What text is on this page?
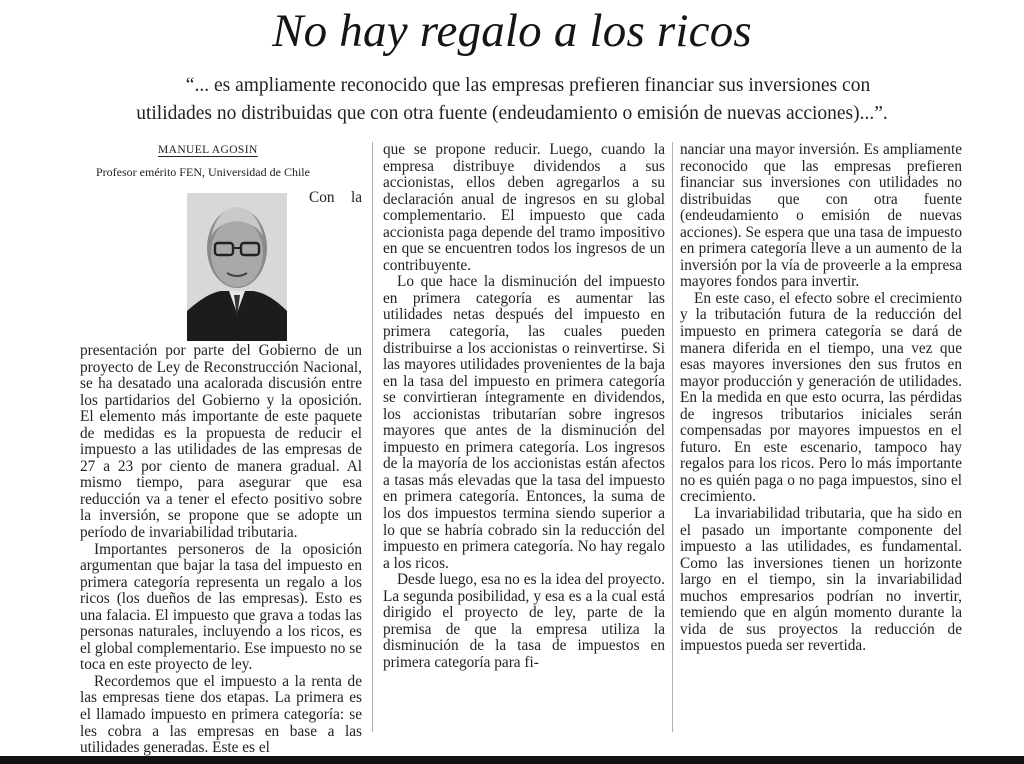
No hay regalo a los ricos
“... es ampliamente reconocido que las empresas prefieren financiar sus inversiones con
utilidades no distribuidas que con otra fuente (endeudamiento o emisión de nuevas acciones)...”.
MANUEL AGOSIN
Profesor emérito FEN, Universidad de Chile

Con la presentación por parte del Gobierno de un proyecto de Ley de Reconstrucción Nacional, se ha desatado una acalorada discusión entre los partidarios del Gobierno y la oposición. El elemento más importante de este paquete de medidas es la propuesta de reducir el impuesto a las utilidades de las empresas de 27 a 23 por ciento de manera gradual. Al mismo tiempo, para asegurar que esa reducción va a tener el efecto positivo sobre la inversión, se propone que se adopte un período de invariabilidad tributaria.

Importantes personeros de la oposición argumentan que bajar la tasa del impuesto en primera categoría representa un regalo a los ricos (los dueños de las empresas). Esto es una falacia. El impuesto que grava a todas las personas naturales, incluyendo a los ricos, es el global complementario. Ese impuesto no se toca en este proyecto de ley.

Recordemos que el impuesto a la renta de las empresas tiene dos etapas. La primera es el llamado impuesto en primera categoría: se les cobra a las empresas en base a las utilidades generadas. Este es el

que se propone reducir. Luego, cuando la empresa distribuye dividendos a sus accionistas, ellos deben agregarlos a su declaración anual de ingresos en su global complementario. El impuesto que cada accionista paga depende del tramo impositivo en que se encuentren todos los ingresos de un contribuyente.

Lo que hace la disminución del impuesto en primera categoría es aumentar las utilidades netas después del impuesto en primera categoría, las cuales pueden distribuirse a los accionistas o reinvertirse. Si las mayores utilidades provenientes de la baja en la tasa del impuesto en primera categoría se convirtieran íntegramente en dividendos, los accionistas tributarían sobre ingresos mayores que antes de la disminución del impuesto en primera categoría. Los ingresos de la mayoría de los accionistas están afectos a tasas más elevadas que la tasa del impuesto en primera categoría. Entonces, la suma de los dos impuestos termina siendo superior a lo que se habría cobrado sin la reducción del impuesto en primera categoría. No hay regalo a los ricos.

Desde luego, esa no es la idea del proyecto. La segunda posibilidad, y esa es a la cual está dirigido el proyecto de ley, parte de la premisa de que la empresa utiliza la disminución de la tasa de impuestos en primera categoría para fi-

nanciar una mayor inversión. Es ampliamente reconocido que las empresas prefieren financiar sus inversiones con utilidades no distribuidas que con otra fuente (endeudamiento o emisión de nuevas acciones). Se espera que una tasa de impuesto en primera categoría lleve a un aumento de la inversión por la vía de proveerle a la empresa mayores fondos para invertir.

En este caso, el efecto sobre el crecimiento y la tributación futura de la reducción del impuesto en primera categoría se dará de manera diferida en el tiempo, una vez que esas mayores inversiones den sus frutos en mayor producción y generación de utilidades. En la medida en que esto ocurra, las pérdidas de ingresos tributarios iniciales serán compensadas por mayores impuestos en el futuro. En este escenario, tampoco hay regalos para los ricos. Pero lo más importante no es quién paga o no paga impuestos, sino el crecimiento.

La invariabilidad tributaria, que ha sido en el pasado un importante componente del impuesto a las utilidades, es fundamental. Como las inversiones tienen un horizonte largo en el tiempo, sin la invariabilidad muchos empresarios podrían no invertir, temiendo que en algún momento durante la vida de sus proyectos la reducción de impuestos pueda ser revertida.
